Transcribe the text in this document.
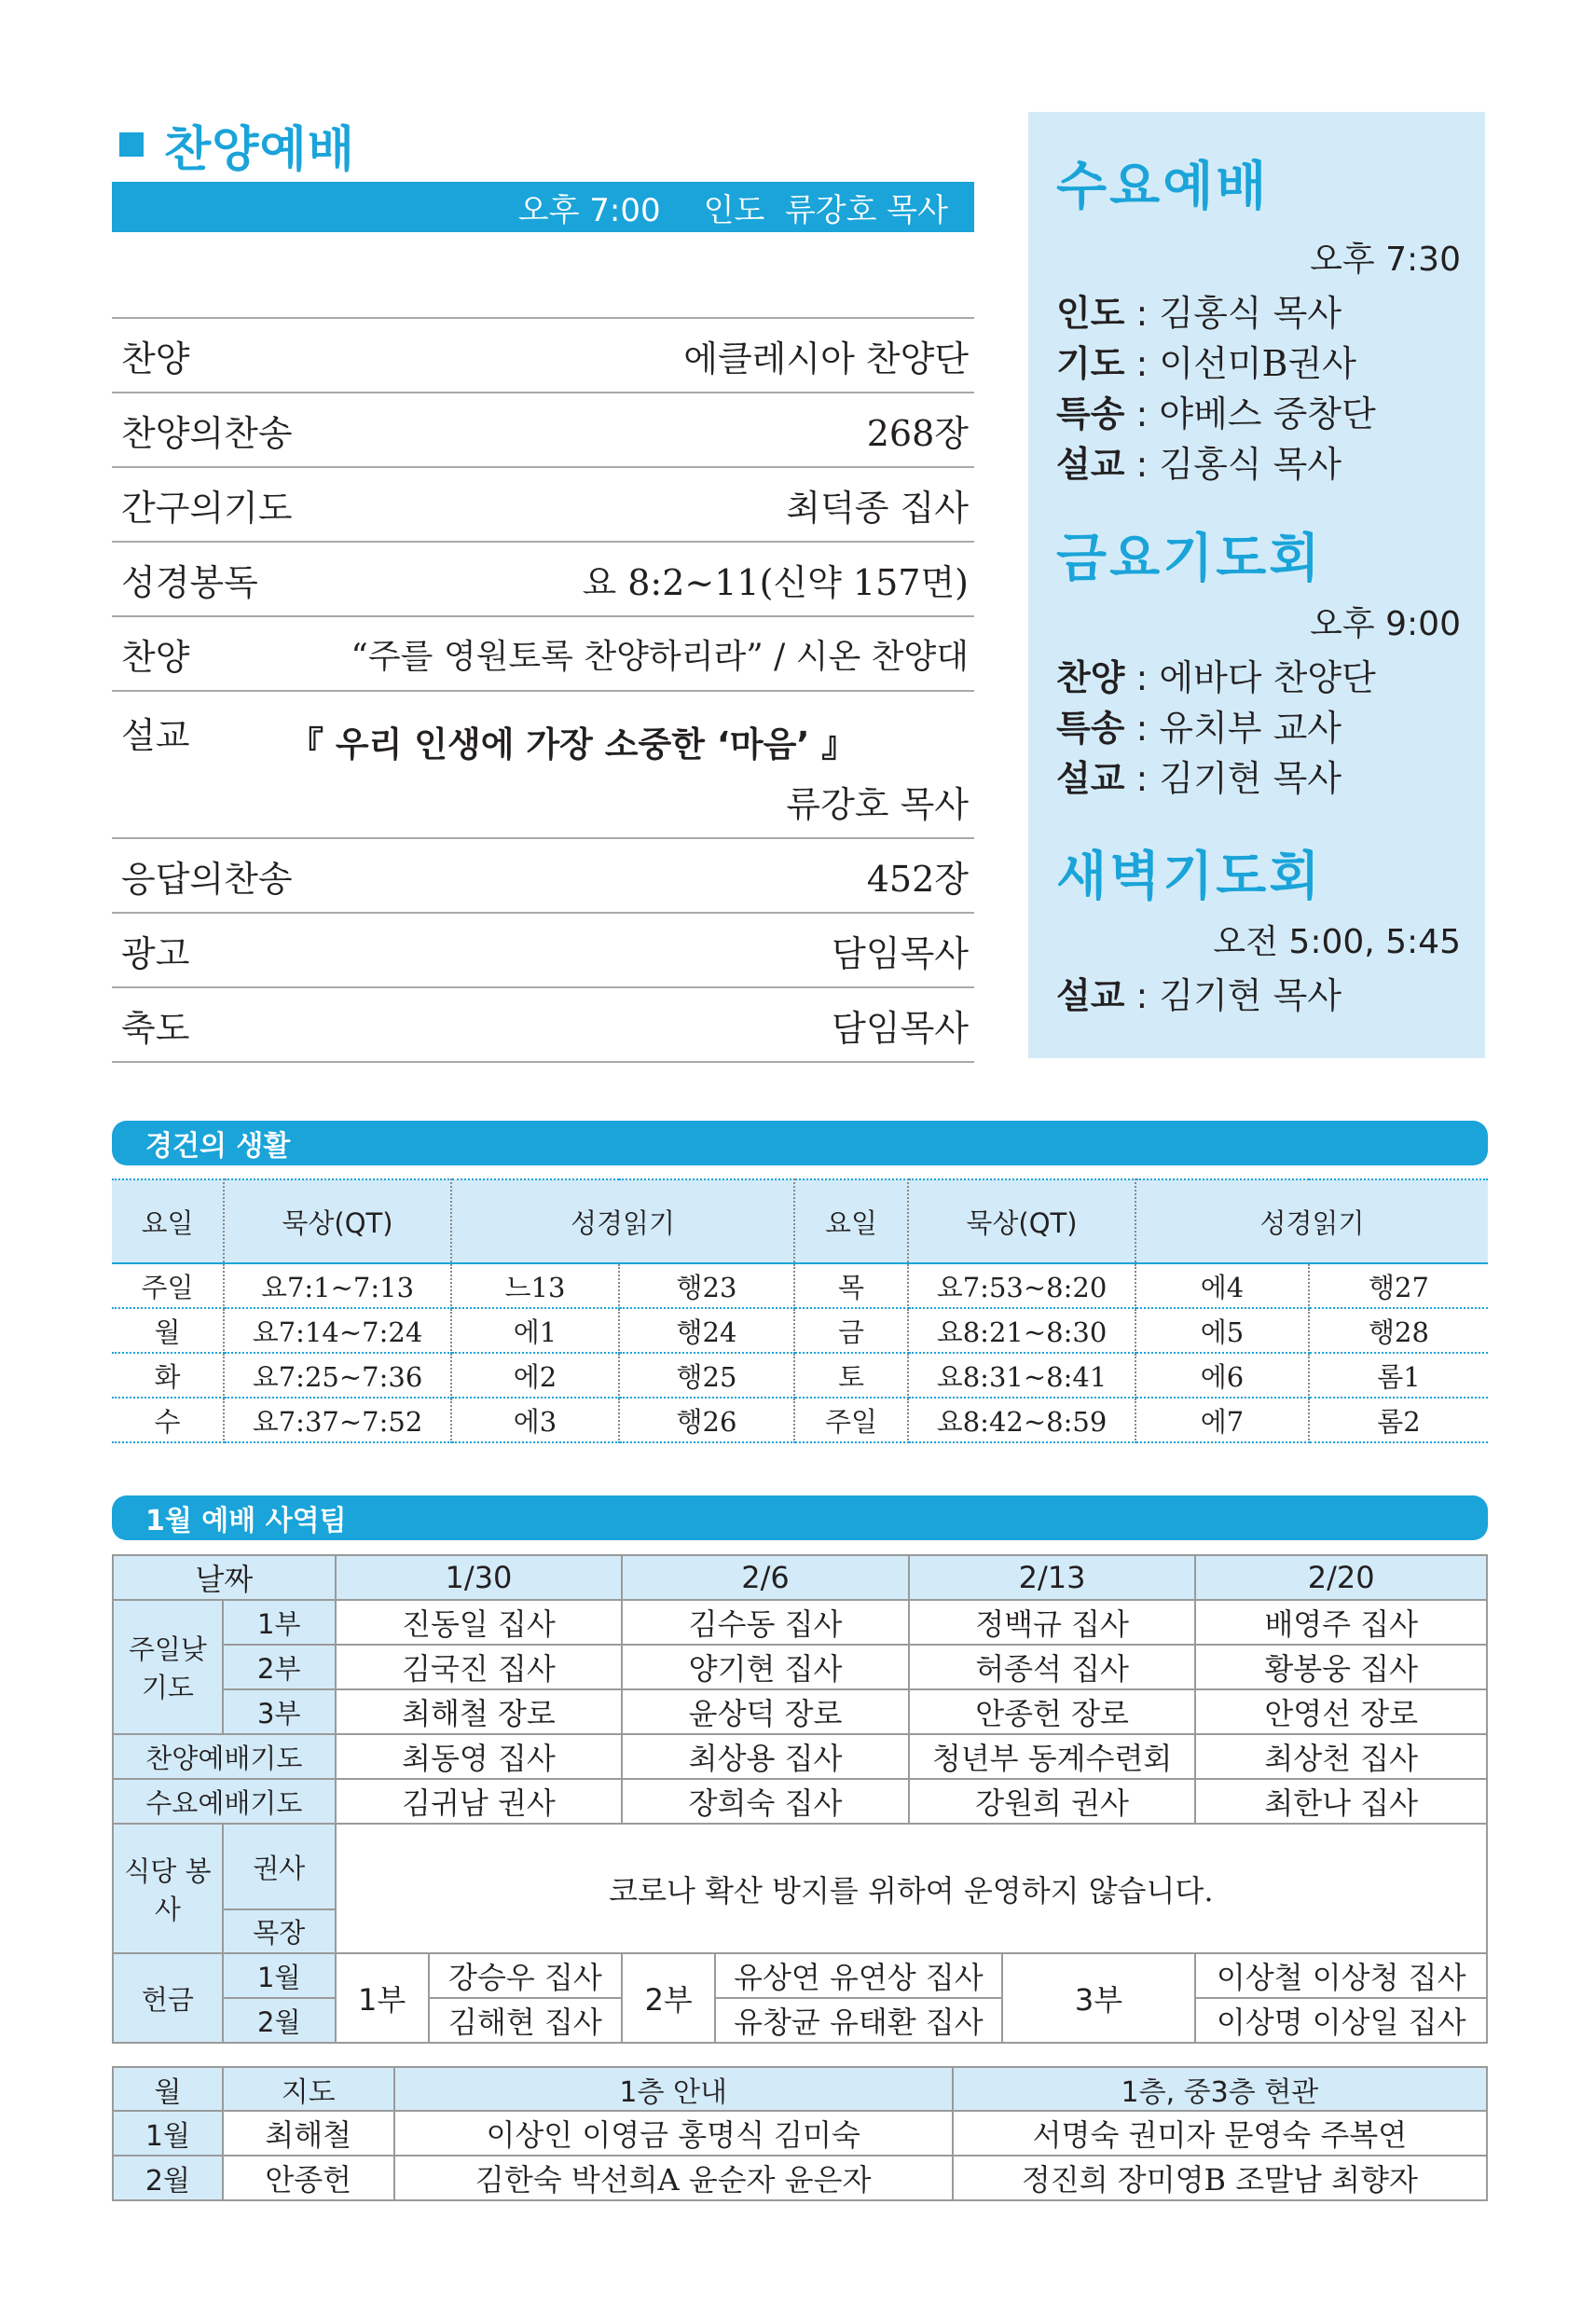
찬양예배
오후 7:00 인도  류강호 목사
찬양	에클레시아 찬양단
찬양의찬송	268장
간구의기도	최덕종 집사
성경봉독	요 8:2~11(신약 157면)
찬양	“주를 영원토록 찬양하리라” / 시온 찬양대
설교	『 우리 인생에 가장 소중한 ‘마음’ 』
류강호 목사
응답의찬송	452장
광고	담임목사
축도	담임목사
수요예배
오후 7:30
인도 : 김홍식 목사
기도 : 이선미B권사
특송 : 야베스 중창단
설교 : 김홍식 목사
금요기도회
오후 9:00
찬양 : 에바다 찬양단
특송 : 유치부 교사
설교 : 김기현 목사
새벽기도회
오전 5:00, 5:45
설교 : 김기현 목사
경건의 생활
요일	묵상(QT)	성경읽기		요일	묵상(QT)	성경읽기	
주일	요7:1~7:13	느13	행23	목	요7:53~8:20	에4	행27
월	요7:14~7:24	에1	행24	금	요8:21~8:30	에5	행28
화	요7:25~7:36	에2	행25	토	요8:31~8:41	에6	롬1
수	요7:37~7:52	에3	행26	주일	요8:42~8:59	에7	롬2
1월 예배 사역팀
날짜		1/30		2/6		2/13		2/20
주일낮 기도	1부	진동일 집사		김수동 집사		정백규 집사		배영주 집사
	2부	김국진 집사		양기현 집사		허종석 집사		황봉웅 집사
	3부	최해철 장로		윤상덕 장로		안종헌 장로		안영선 장로
찬양예배기도		최동영 집사		최상용 집사		청년부 동계수련회		최상천 집사
수요예배기도		김귀남 권사		장희숙 집사		강원희 권사		최한나 집사
식당 봉사	권사	코로나 확산 방지를 위하여 운영하지 않습니다.						
	목장							
헌금	1월	1부	강승우 집사	2부	유상연 유연상 집사		3부	이상철 이상청 집사
	2월		김해현 집사		유창균 유태환 집사			이상명 이상일 집사
월	지도	1층 안내	1층, 중3층 현관
1월	최해철	이상인 이영금 홍명식 김미숙	서명숙 권미자 문영숙 주복연
2월	안종헌	김한숙 박선희A 윤순자 윤은자	정진희 장미영B 조말남 최향자
